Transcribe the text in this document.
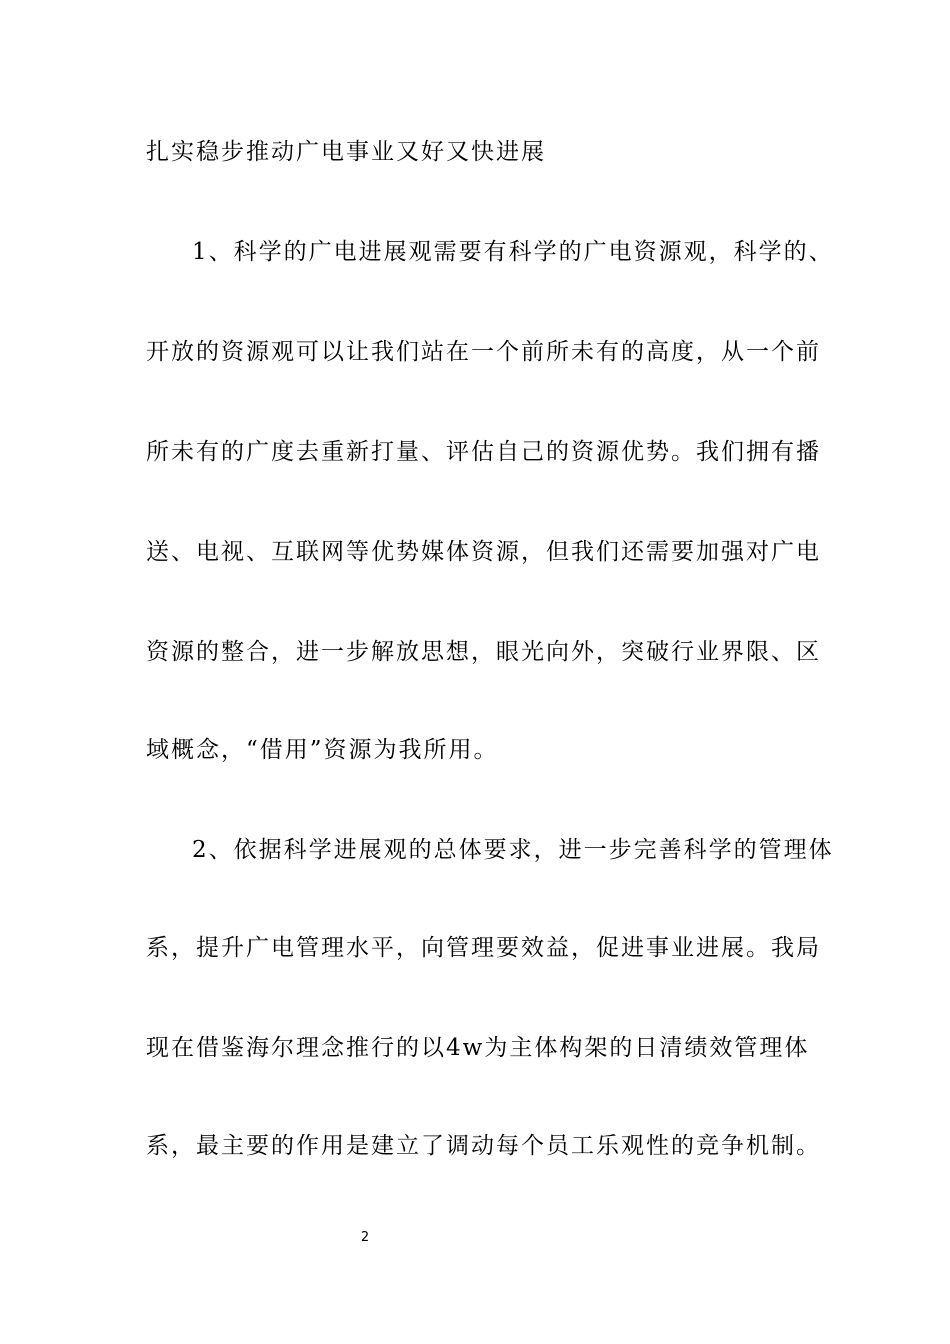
扎实稳步推动广电事业又好又快进展
1、科学的广电进展观需要有科学的广电资源观，科学的、
开放的资源观可以让我们站在一个前所未有的高度，从一个前
所未有的广度去重新打量、评估自己的资源优势。我们拥有播
送、电视、互联网等优势媒体资源，但我们还需要加强对广电
资源的整合，进一步解放思想，眼光向外，突破行业界限、区
域概念，“借用”资源为我所用。
2、依据科学进展观的总体要求，进一步完善科学的管理体
系，提升广电管理水平，向管理要效益，促进事业进展。我局
现在借鉴海尔理念推行的以4w为主体构架的日清绩效管理体
系，最主要的作用是建立了调动每个员工乐观性的竞争机制。
2
